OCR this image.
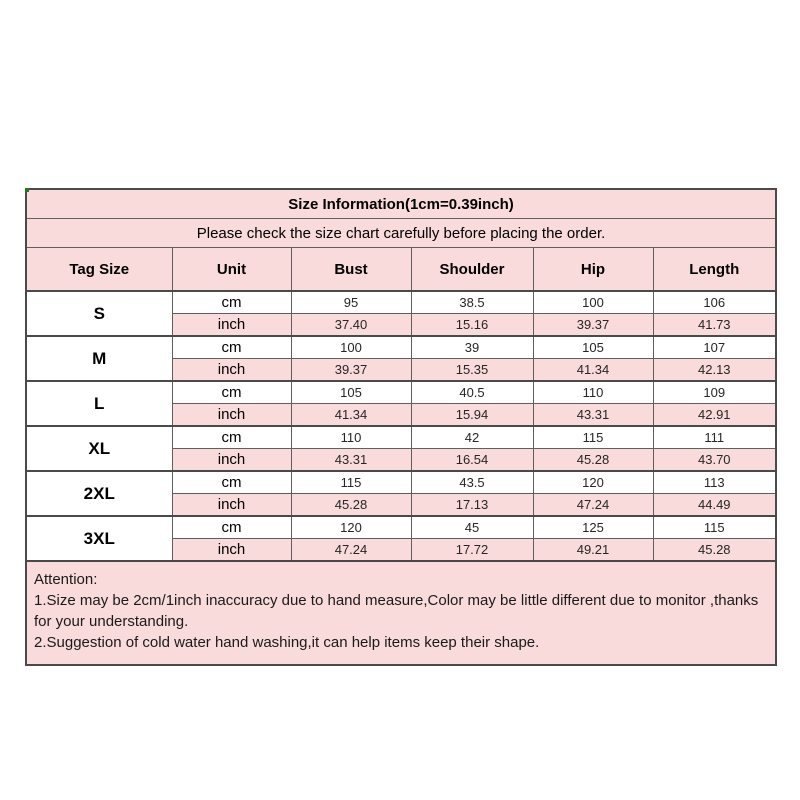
Size Information(1cm=0.39inch)					
Please check the size chart carefully before placing the order.					
Tag Size	Unit	Bust	Shoulder	Hip	Length
S	cm	95	38.5	100	106
	inch	37.40	15.16	39.37	41.73
M	cm	100	39	105	107
	inch	39.37	15.35	41.34	42.13
L	cm	105	40.5	110	109
	inch	41.34	15.94	43.31	42.91
XL	cm	110	42	115	111
	inch	43.31	16.54	45.28	43.70
2XL	cm	115	43.5	120	113
	inch	45.28	17.13	47.24	44.49
3XL	cm	120	45	125	115
	inch	47.24	17.72	49.21	45.28

Attention:
1.Size may be 2cm/1inch inaccuracy due to hand measure,Color may be little different due to monitor ,thanks for your understanding.
2.Suggestion of cold water hand washing,it can help items keep their shape.					
